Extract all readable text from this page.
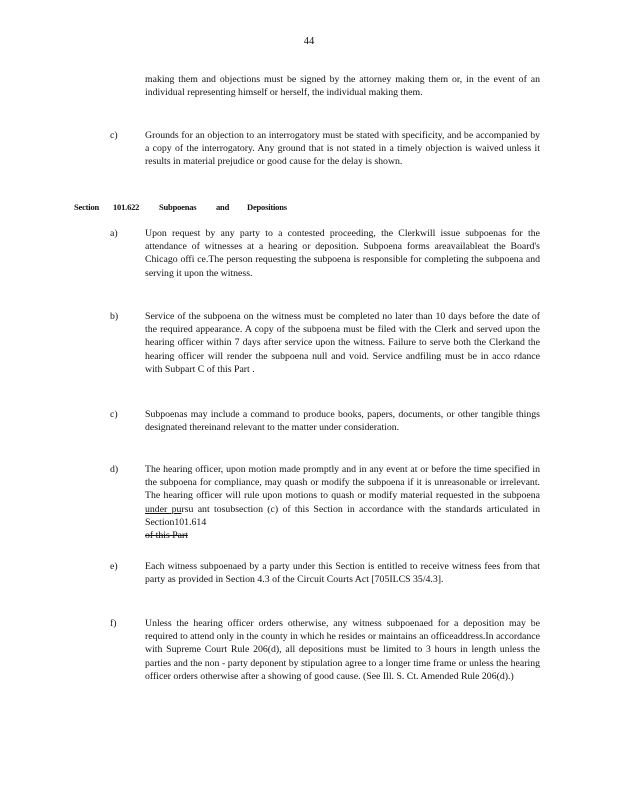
44
making them and objections must be signed by the attorney making them or, in the event of an individual representing himself or herself, the individual making them.
c)	Grounds for an objection to an interrogatory must be stated with specificity, and be accompanied by a copy of the interrogatory. Any ground that is not stated in a timely objection is waived unless it results in material prejudice or good cause for the delay is shown.
Section 101.622 Subpoenas and Depositions
a)	Upon request by any party to a contested proceeding, the Clerkwill issue subpoenas for the attendance of witnesses at a hearing or deposition. Subpoena forms areavailableat the Board's Chicago offi ce.The person requesting the subpoena is responsible for completing the subpoena and serving it upon the witness.
b)	Service of the subpoena on the witness must be completed no later than 10 days before the date of the required appearance. A copy of the subpoena must be filed with the Clerk and served upon the hearing officer within 7 days after service upon the witness. Failure to serve both the Clerkand the hearing officer will render the subpoena null and void. Service andfiling must be in acco rdance with Subpart C of this Part .
c)	Subpoenas may include a command to produce books, papers, documents, or other tangible things designated thereinand relevant to the matter under consideration.
d)	The hearing officer, upon motion made promptly and in any event at or before the time specified in the subpoena for compliance, may quash or modify the subpoena if it is unreasonable or irrelevant. The hearing officer will rule upon motions to quash or modify material requested in the subpoena under pursu ant tosubsection (c) of this Section in accordance with the standards articulated in Section101.614
of this Part
e)	Each witness subpoenaed by a party under this Section is entitled to receive witness fees from that party as provided in Section 4.3 of the Circuit Courts Act [705ILCS 35/4.3].
f)	Unless the hearing officer orders otherwise, any witness subpoenaed for a deposition may be required to attend only in the county in which he resides or maintains an officeaddress.In accordance with Supreme Court Rule 206(d), all depositions must be limited to 3 hours in length unless the parties and the non - party deponent by stipulation agree to a longer time frame or unless the hearing officer orders otherwise after a showing of good cause. (See Ill. S. Ct. Amended Rule 206(d).)
